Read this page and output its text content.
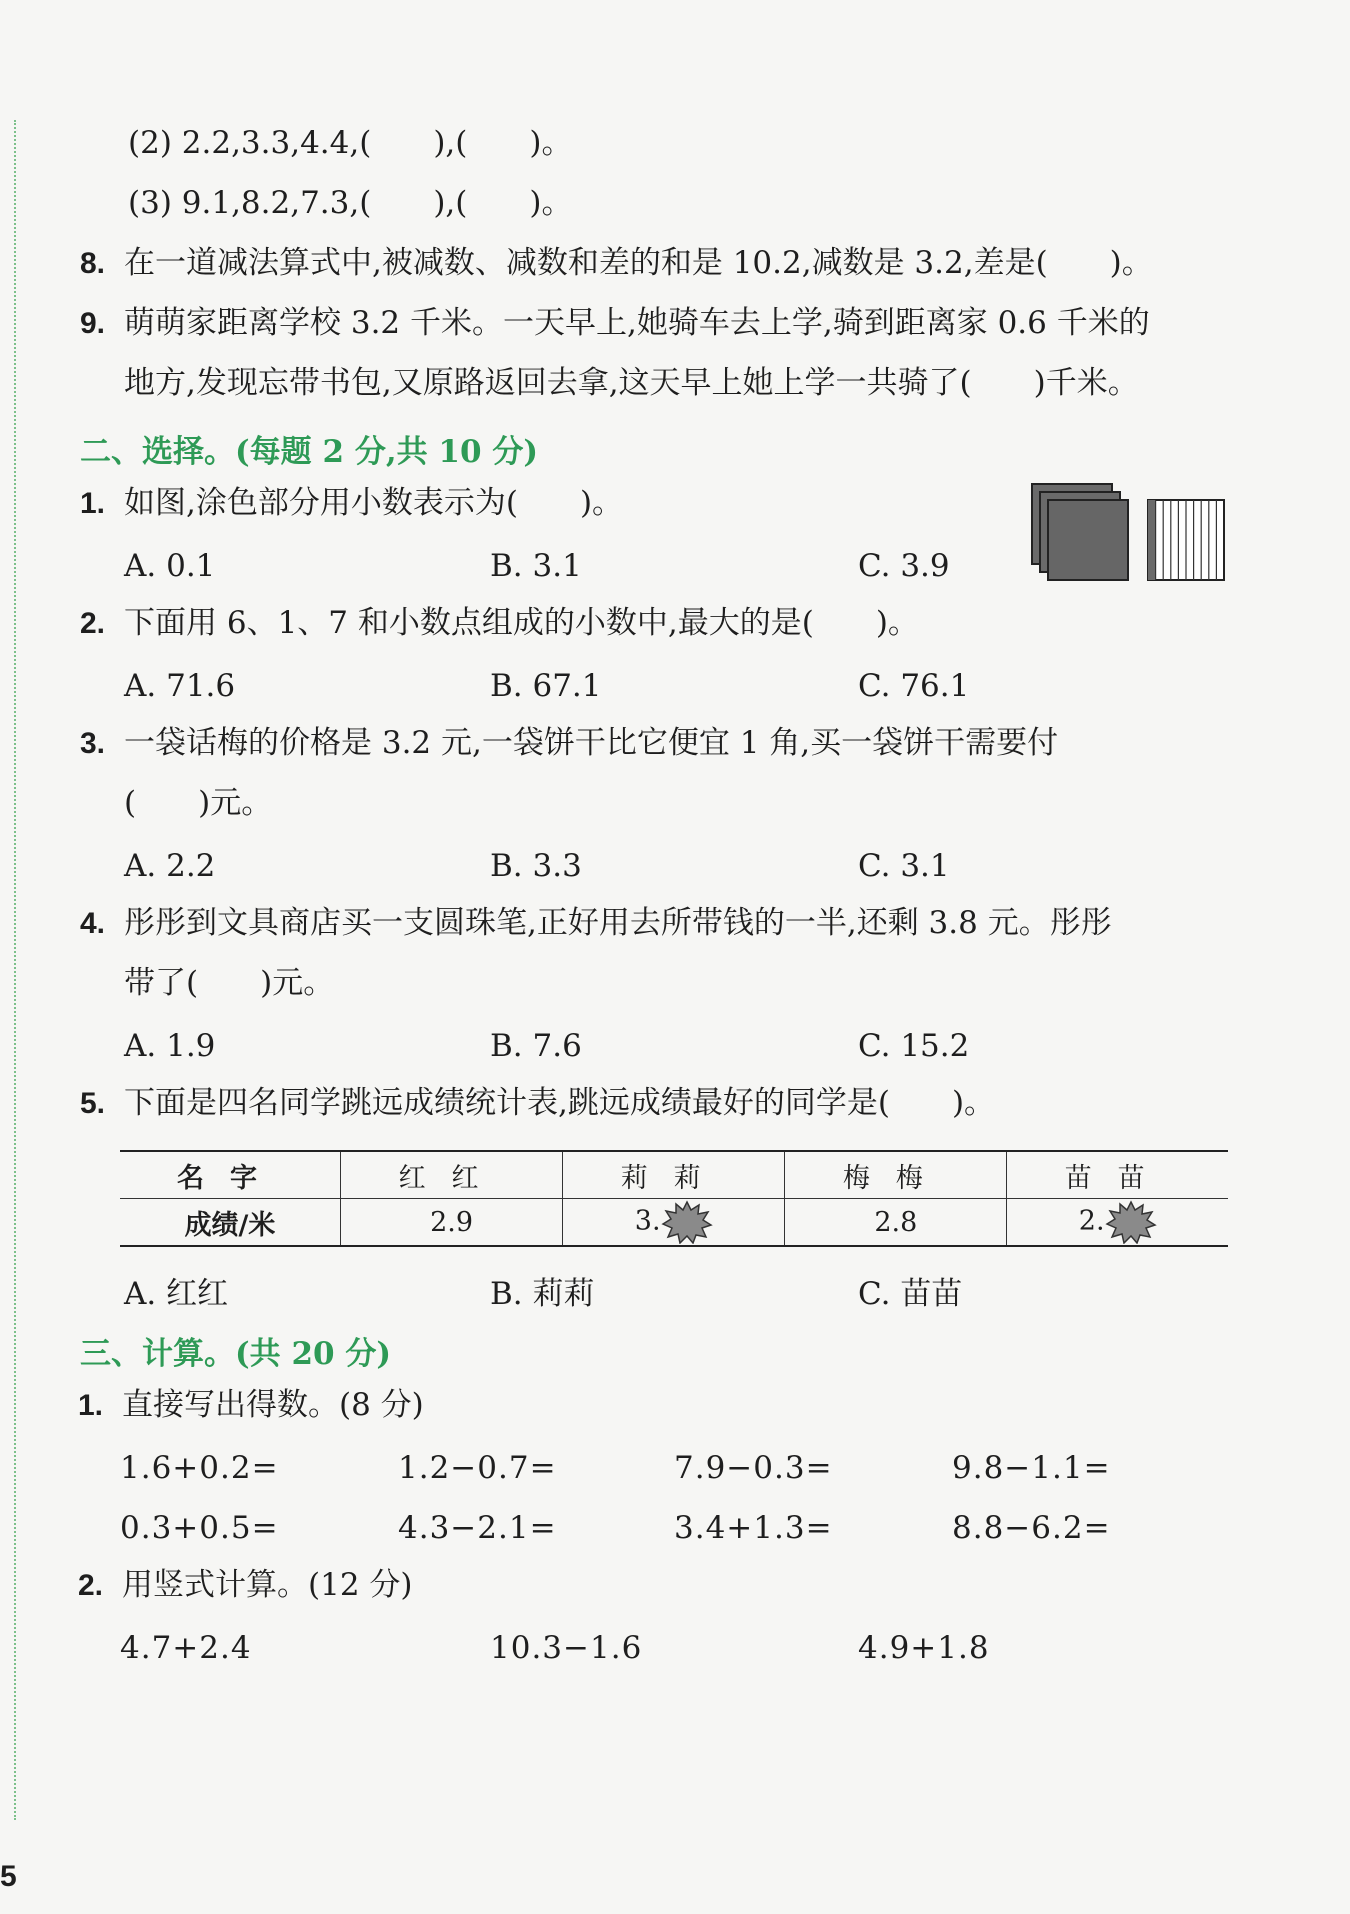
(2) 2.2,3.3,4.4,(　　),(　　)。
(3) 9.1,8.2,7.3,(　　),(　　)。
8. 在一道减法算式中,被减数、减数和差的和是 10.2,减数是 3.2,差是(　　)。
9. 萌萌家距离学校 3.2 千米。一天早上,她骑车去上学,骑到距离家 0.6 千米的
地方,发现忘带书包,又原路返回去拿,这天早上她上学一共骑了(　　)千米。
二、选择。(每题 2 分,共 10 分)
1. 如图,涂色部分用小数表示为(　　)。
A. 0.1	B. 3.1	C. 3.9
2. 下面用 6、1、7 和小数点组成的小数中,最大的是(　　)。
A. 71.6	B. 67.1	C. 76.1
3. 一袋话梅的价格是 3.2 元,一袋饼干比它便宜 1 角,买一袋饼干需要付
(　　)元。
A. 2.2	B. 3.3	C. 3.1
4. 彤彤到文具商店买一支圆珠笔,正好用去所带钱的一半,还剩 3.8 元。彤彤
带了(　　)元。
A. 1.9	B. 7.6	C. 15.2
5. 下面是四名同学跳远成绩统计表,跳远成绩最好的同学是(　　)。
名字	红红	莉莉	梅梅	苗苗
成绩/米	2.9	3.	2.8	2.
A. 红红	B. 莉莉	C. 苗苗
三、计算。(共 20 分)
1. 直接写出得数。(8 分)
1.6+0.2=	1.2−0.7=	7.9−0.3=	9.8−1.1=
0.3+0.5=	4.3−2.1=	3.4+1.3=	8.8−6.2=
2. 用竖式计算。(12 分)
4.7+2.4	10.3−1.6	4.9+1.8
5
